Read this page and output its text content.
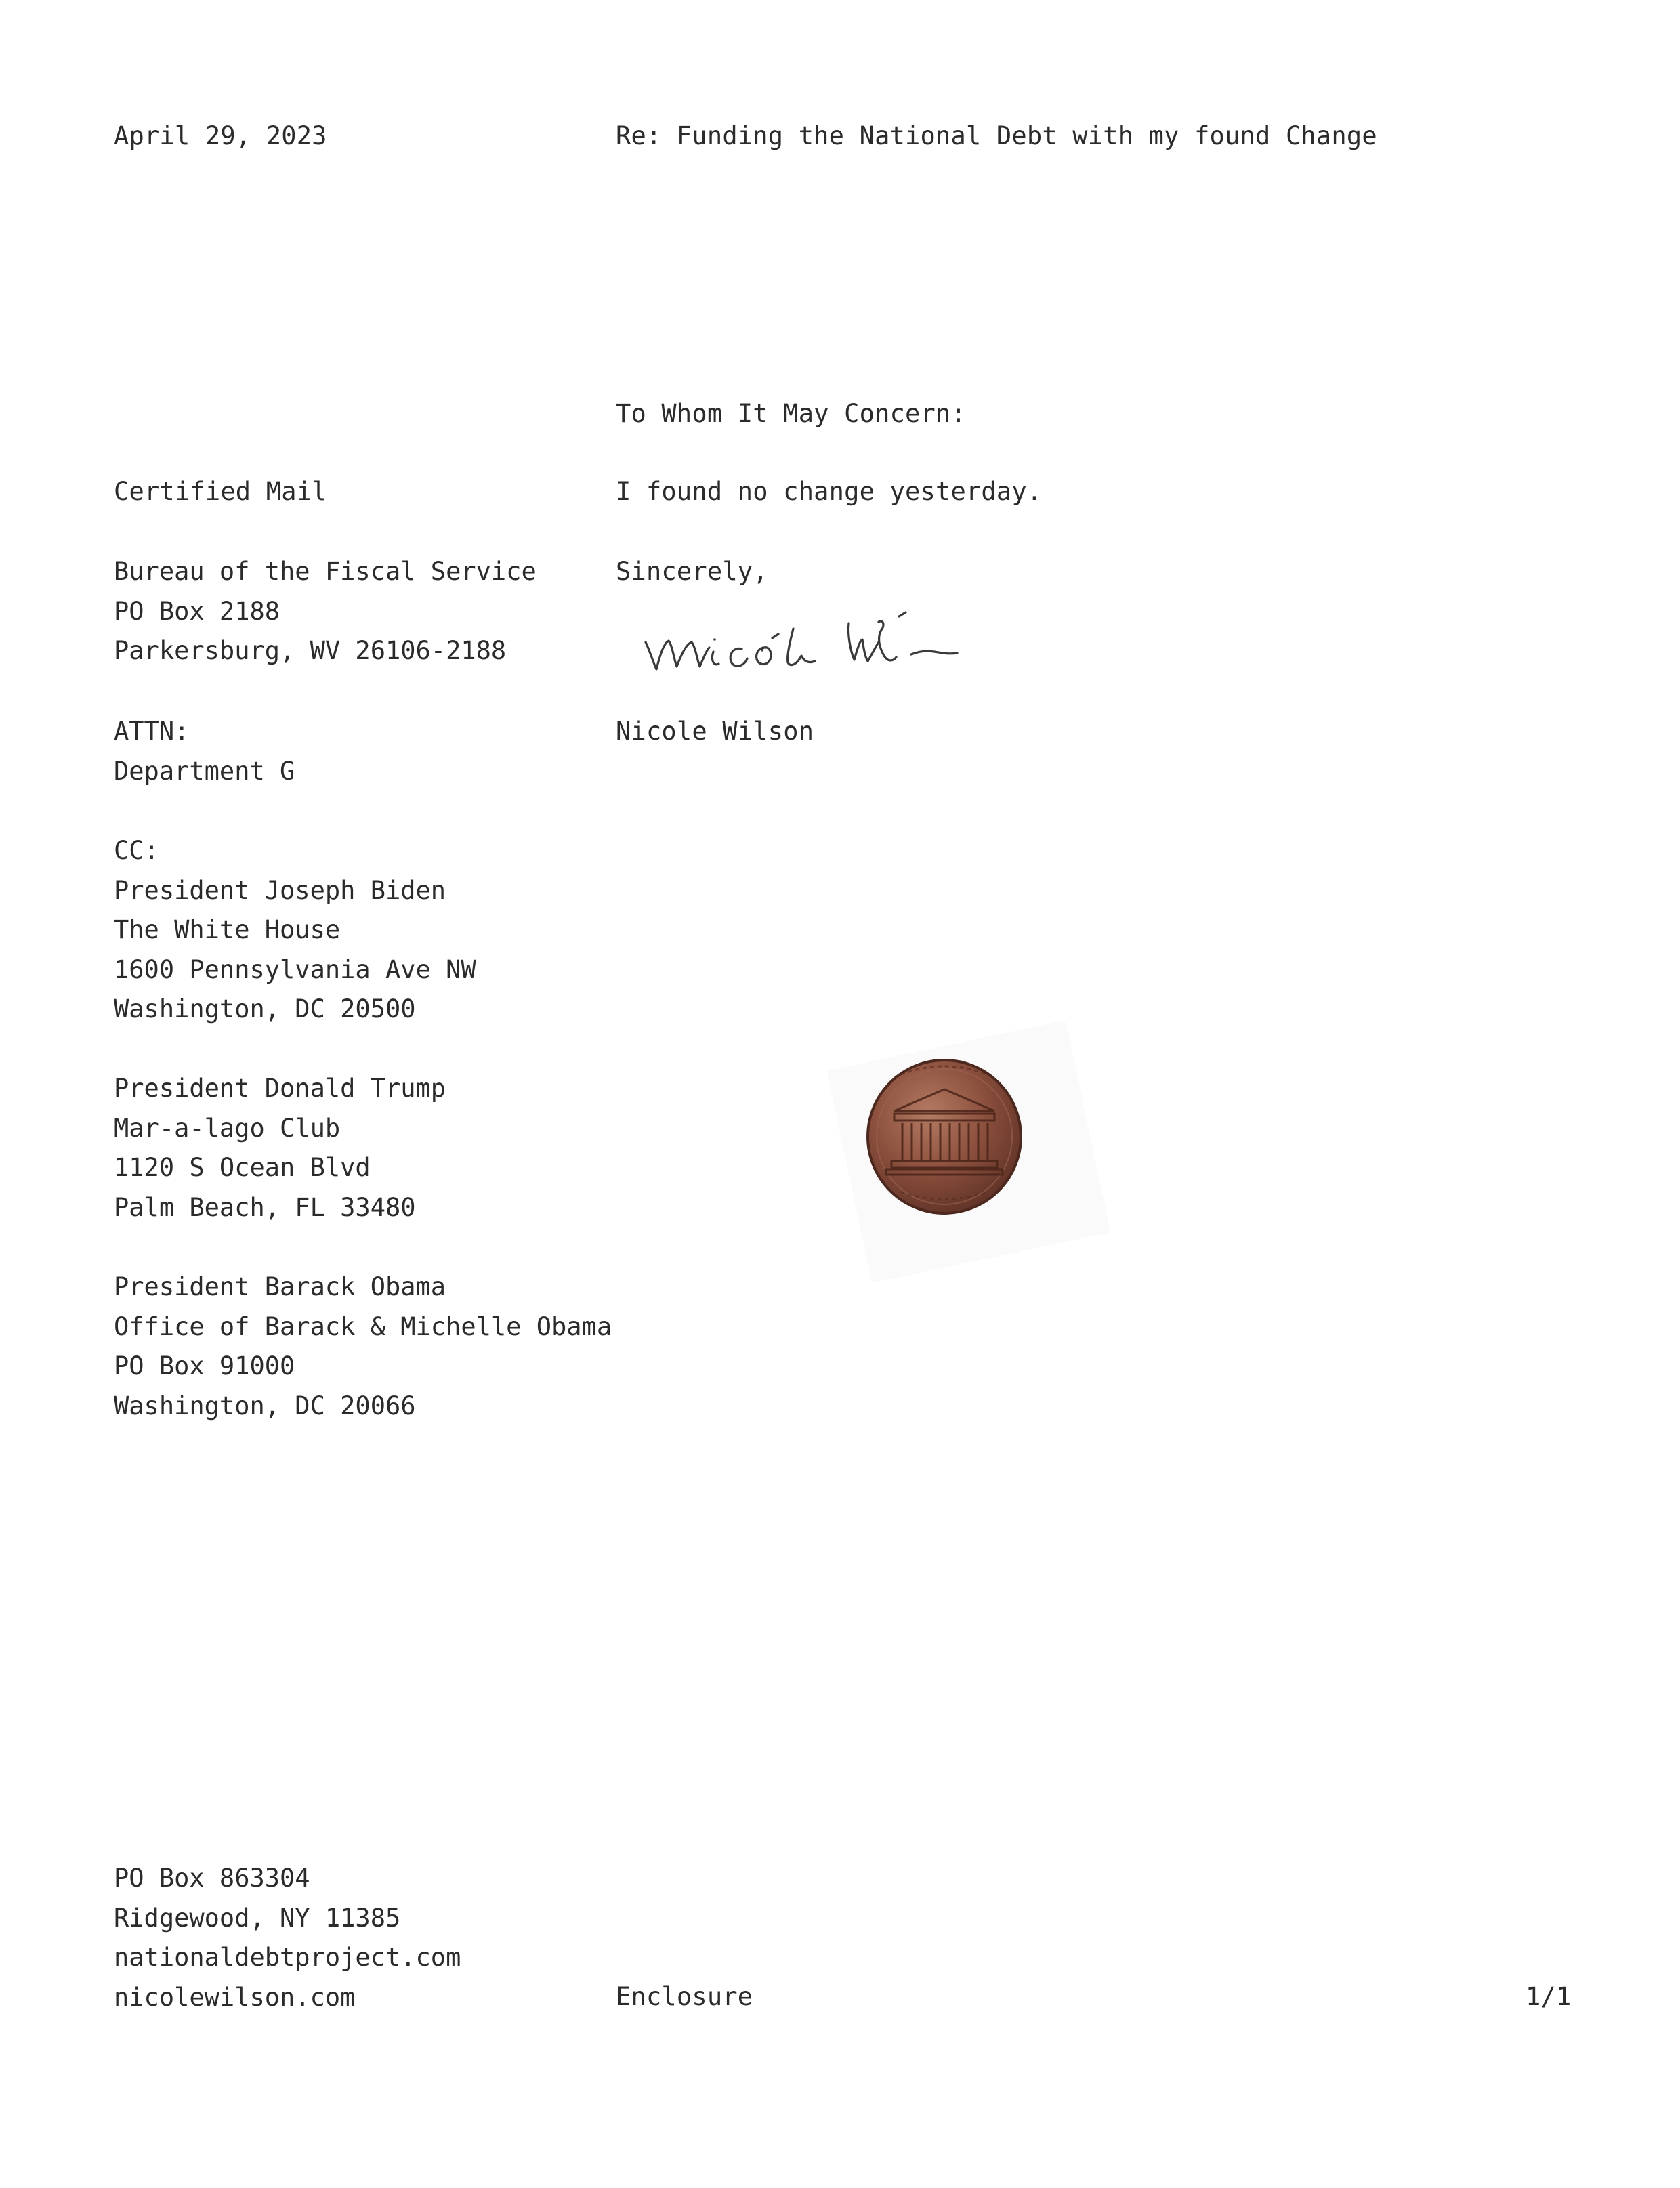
April 29, 2023	Re: Funding the National Debt with my found Change
To Whom It May Concern:
I found no change yesterday.
Sincerely,
Nicole Wilson
Certified Mail
Bureau of the Fiscal Service
PO Box 2188
Parkersburg, WV 26106-2188
ATTN:
Department G
CC:
President Joseph Biden
The White House
1600 Pennsylvania Ave NW
Washington, DC 20500
President Donald Trump
Mar-a-lago Club
1120 S Ocean Blvd
Palm Beach, FL 33480
President Barack Obama
Office of Barack & Michelle Obama
PO Box 91000
Washington, DC 20066
PO Box 863304
Ridgewood, NY 11385
nationaldebtproject.com
nicolewilson.com	Enclosure	1/1
